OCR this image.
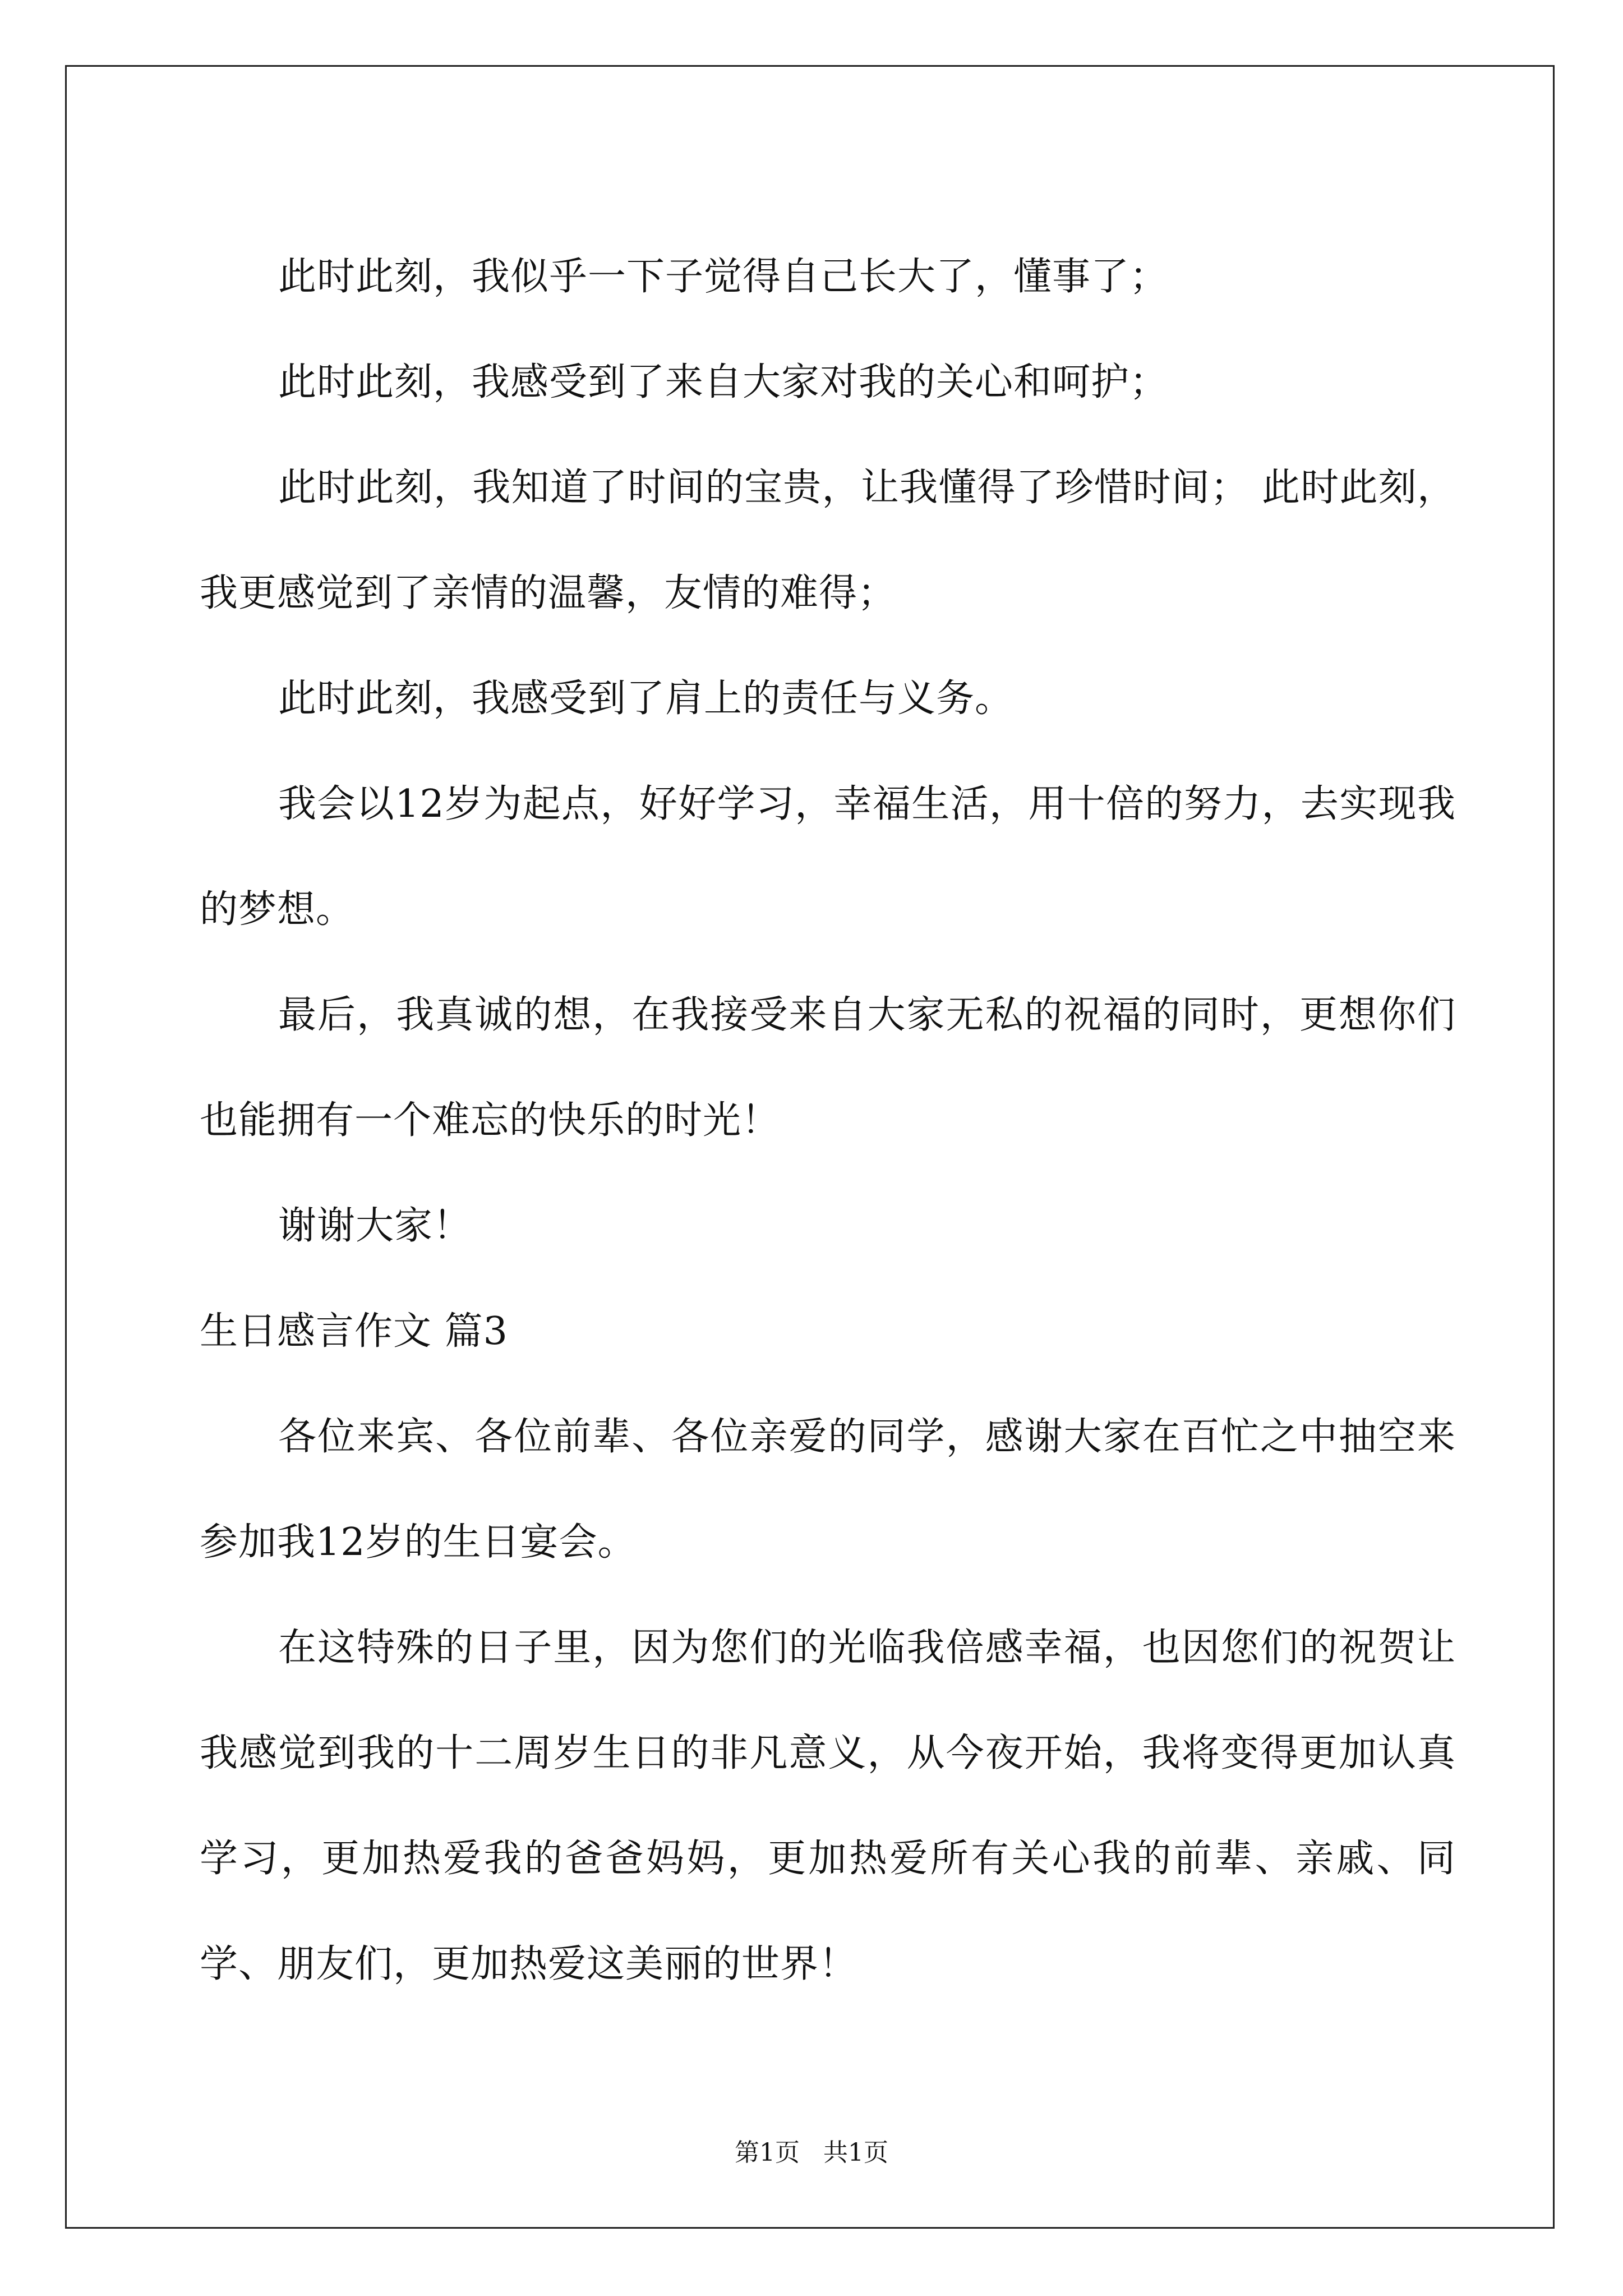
此时此刻，我似乎一下子觉得自己长大了，懂事了；

此时此刻，我感受到了来自大家对我的关心和呵护；

此时此刻，我知道了时间的宝贵，让我懂得了珍惜时间； 此时此刻，我更感觉到了亲情的温馨，友情的难得；

此时此刻，我感受到了肩上的责任与义务。

我会以12岁为起点，好好学习，幸福生活，用十倍的努力，去实现我的梦想。

最后，我真诚的想，在我接受来自大家无私的祝福的同时，更想你们也能拥有一个难忘的快乐的时光！

谢谢大家！

生日感言作文 篇3

各位来宾、各位前辈、各位亲爱的同学，感谢大家在百忙之中抽空来参加我12岁的生日宴会。

在这特殊的日子里，因为您们的光临我倍感幸福，也因您们的祝贺让我感觉到我的十二周岁生日的非凡意义，从今夜开始，我将变得更加认真学习，更加热爱我的爸爸妈妈，更加热爱所有关心我的前辈、亲戚、同学、朋友们，更加热爱这美丽的世界！

第1页 共1页
